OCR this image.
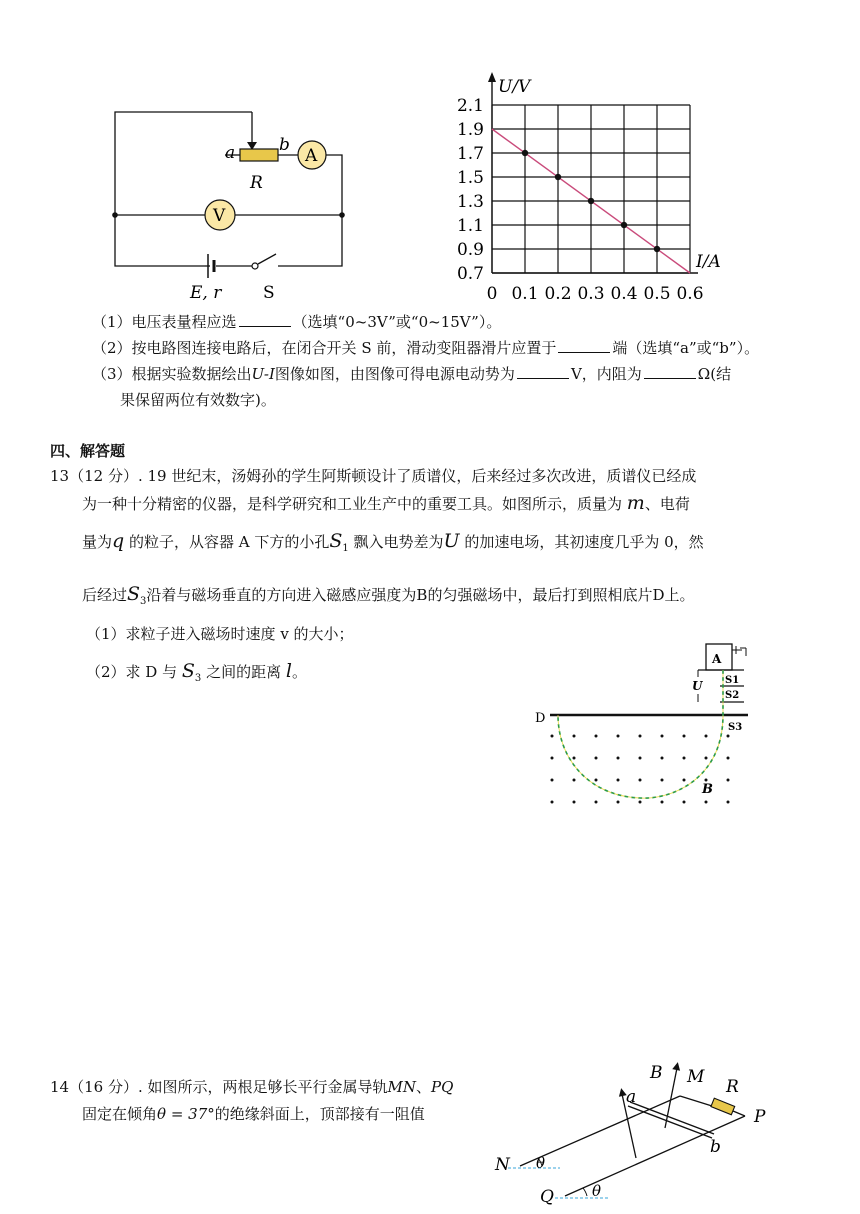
a	b
R
A
V
E, r S	0 0.1 0.2 0.3 0.4 0.5 0.6
0.7
0.9
1.1
1.3
1.5
1.7
1.9
2.1
U/V
I/A
（1）电压表量程应选	（选填“0~3V”或“0~15V”）。
（2）按电路图连接电路后，在闭合开关 S 前，滑动变阻器滑片应置于	端（选填“a”或“b”）。
（3）根据实验数据绘出U-I图像如图，由图像可得电源电动势为	V，内阻为	Ω(结
果保留两位有效数字)。
四、解答题
13（12 分）. 19 世纪末，汤姆孙的学生阿斯顿设计了质谱仪，后来经过多次改进，质谱仪已经成
为一种十分精密的仪器，是科学研究和工业生产中的重要工具。如图所示，质量为 m、电荷
量为q 的粒子，从容器 A 下方的小孔$S_1$ 飘入电势差为U 的加速电场，其初速度几乎为 0，然
后经过$S_3$沿着与磁场垂直的方向进入磁感应强度为B的匀强磁场中，最后打到照相底片D上。
（1）求粒子进入磁场时速度 v 的大小；
（2）求 D 与 $S_3$ 之间的距离 l。
A
S1
S2
U
D
S3
B
14（16 分）. 如图所示，两根足够长平行金属导轨MN、PQ
固定在倾角θ = 37°的绝缘斜面上，顶部接有一阻值
B M R
P
a
b
N
Q
θ
θ
